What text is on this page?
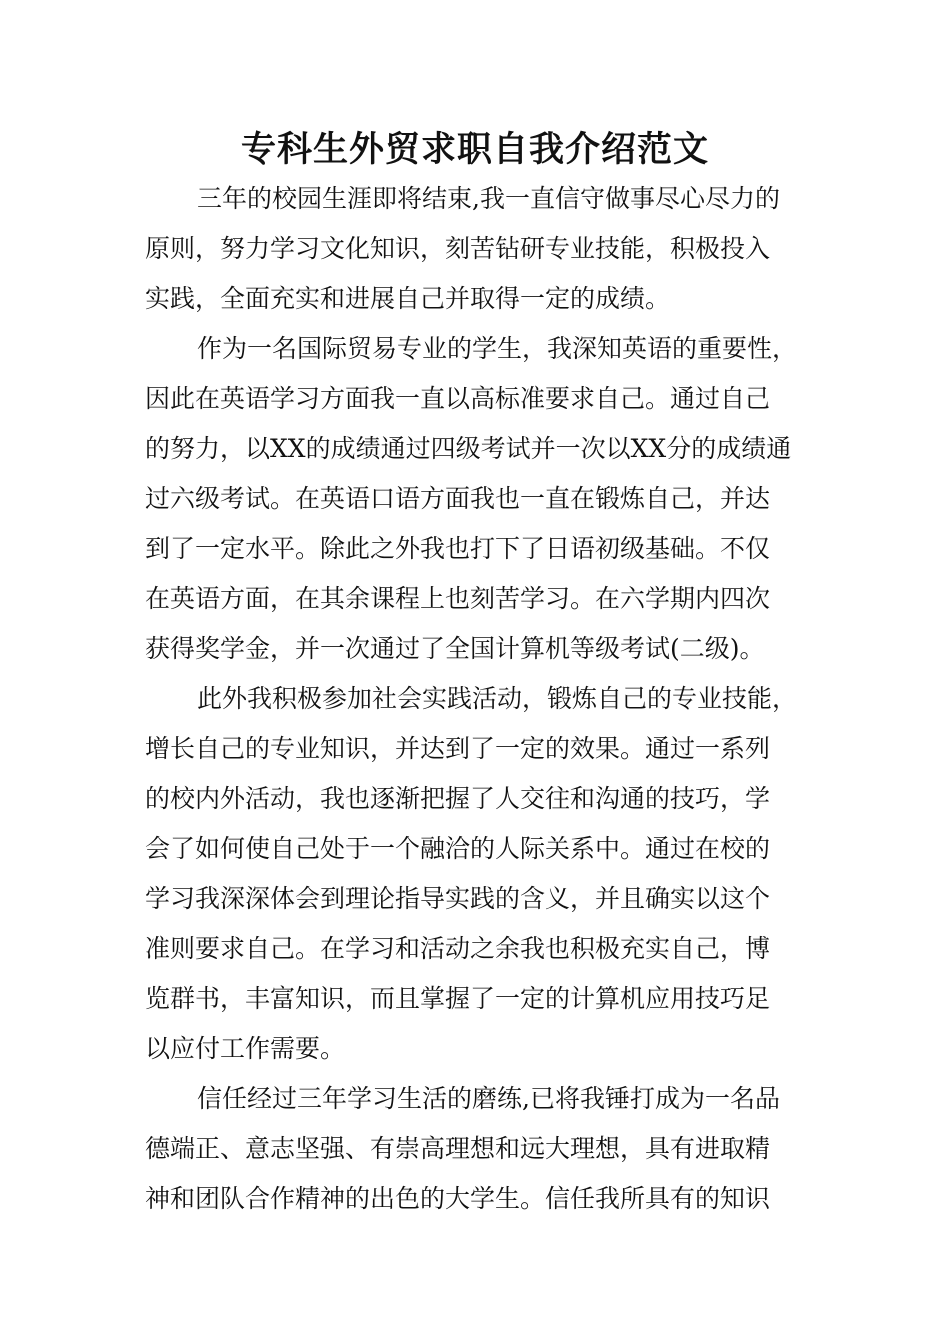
专科生外贸求职自我介绍范文
三年的校园生涯即将结束,我一直信守做事尽心尽力的
原则，努力学习文化知识，刻苦钻研专业技能，积极投入
实践，全面充实和进展自己并取得一定的成绩。
作为一名国际贸易专业的学生，我深知英语的重要性，
因此在英语学习方面我一直以高标准要求自己。通过自己
的努力，以XX的成绩通过四级考试并一次以XX分的成绩通
过六级考试。在英语口语方面我也一直在锻炼自己，并达
到了一定水平。除此之外我也打下了日语初级基础。不仅
在英语方面，在其余课程上也刻苦学习。在六学期内四次
获得奖学金，并一次通过了全国计算机等级考试(二级)。
此外我积极参加社会实践活动，锻炼自己的专业技能，
增长自己的专业知识，并达到了一定的效果。通过一系列
的校内外活动，我也逐渐把握了人交往和沟通的技巧，学
会了如何使自己处于一个融洽的人际关系中。通过在校的
学习我深深体会到理论指导实践的含义，并且确实以这个
准则要求自己。在学习和活动之余我也积极充实自己，博
览群书，丰富知识，而且掌握了一定的计算机应用技巧足
以应付工作需要。
信任经过三年学习生活的磨练,已将我锤打成为一名品
德端正、意志坚强、有崇高理想和远大理想，具有进取精
神和团队合作精神的出色的大学生。信任我所具有的知识
